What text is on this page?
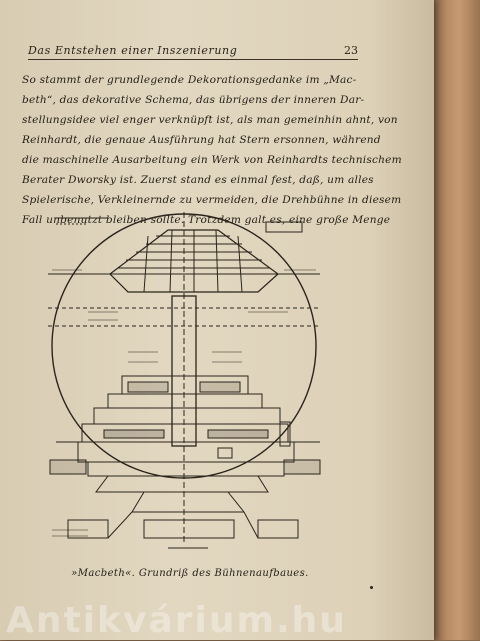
Das Entstehen einer Inszenierung	23
So stammt der grundlegende Dekorationsgedanke im „Mac-
beth“, das dekorative Schema, das übrigens der inneren Dar-
stellungsidee viel enger verknüpft ist, als man gemeinhin ahnt, von
Reinhardt, die genaue Ausführung hat Stern ersonnen, während
die maschinelle Ausarbeitung ein Werk von Reinhardts technischem
Berater Dworsky ist. Zuerst stand es einmal fest, daß, um alles
Spielerische, Verkleinernde zu vermeiden, die Drehbühne in diesem
Fall unbenutzt bleiben sollte. Trotzdem galt es, eine große Menge
»Macbeth«. Grundriß des Bühnenaufbaues.
Antikvárium.hu
